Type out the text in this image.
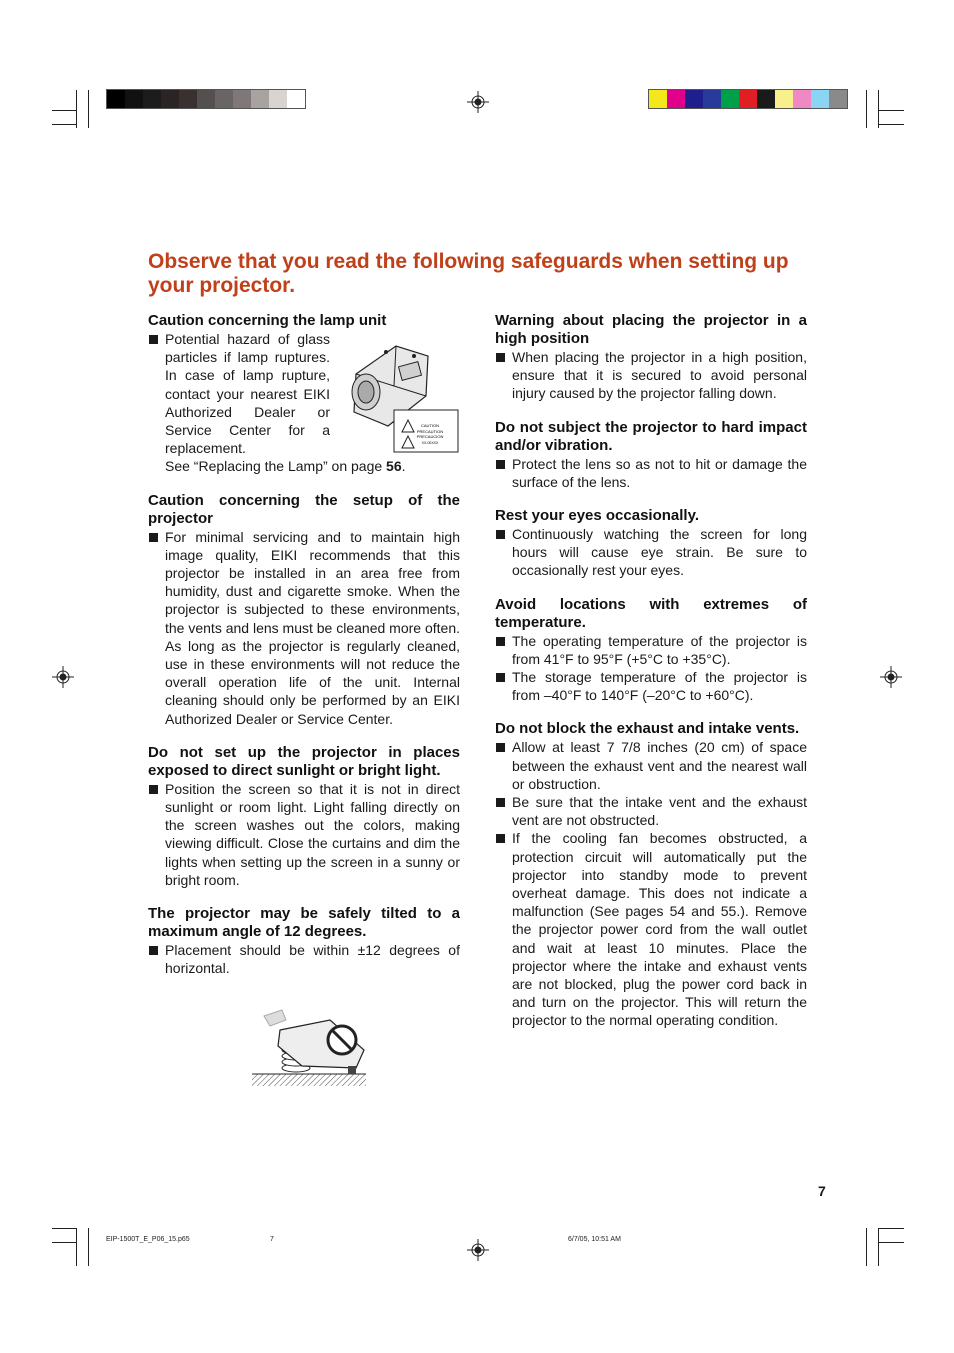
Observe that you read the following safeguards when setting up your projector.
Caution concerning the lamp unit
Potential hazard of glass particles if lamp ruptures. In case of lamp rupture, contact your nearest EIKI Authorized Dealer or Service Center for a replacement.
See “Replacing the Lamp” on page 56.
Caution concerning the setup of the projector
For minimal servicing and to maintain high image quality, EIKI recommends that this projector be installed in an area free from humidity, dust and cigarette smoke. When the projector is subjected to these environments, the vents and lens must be cleaned more often. As long as the projector is regularly cleaned, use in these environments will not reduce the overall operation life of the unit. Internal cleaning should only be performed by an EIKI Authorized Dealer or Service Center.
Do not set up the projector in places exposed to direct sunlight or bright light.
Position the screen so that it is not in direct sunlight or room light. Light falling directly on the screen washes out the colors, making viewing difficult. Close the curtains and dim the lights when setting up the screen in a sunny or bright room.
The projector may be safely tilted to a maximum angle of 12 degrees.
Placement should be within ±12 degrees of horizontal.
CAUTION
PRECAUTION
PRECAUCION
XX-00XXX
Warning about placing the projector in a high position
When placing the projector in a high position, ensure that it is secured to avoid personal injury caused by the projector falling down.
Do not subject the projector to hard impact and/or vibration.
Protect the lens so as not to hit or damage the surface of the lens.
Rest your eyes occasionally.
Continuously watching the screen for long hours will cause eye strain. Be sure to occasionally rest your eyes.
Avoid locations with extremes of temperature.
The operating temperature of the projector is from 41°F to 95°F (+5°C to +35°C).
The storage temperature of the projector is from –40°F to 140°F (–20°C to +60°C).
Do not block the exhaust and intake vents.
Allow at least 7 7/8 inches (20 cm) of space between the exhaust vent and the nearest wall or obstruction.
Be sure that the intake vent and the exhaust vent are not obstructed.
If the cooling fan becomes obstructed, a protection circuit will automatically put the projector into standby mode to prevent overheat damage. This does not indicate a malfunction (See pages 54 and 55.). Remove the projector power cord from the wall outlet and wait at least 10 minutes. Place the projector where the intake and exhaust vents are not blocked, plug the power cord back in and turn on the projector. This will return the projector to the normal operating condition.
7
EIP-1500T_E_P06_15.p65	7	6/7/05, 10:51 AM
